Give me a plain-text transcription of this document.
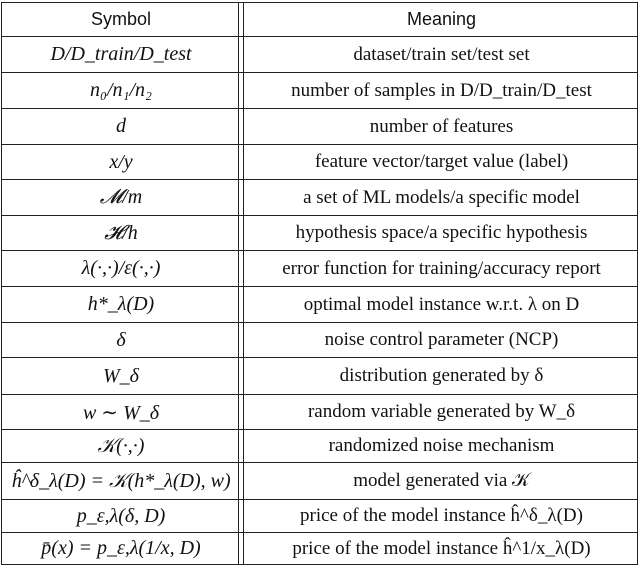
Symbol	Meaning
D/D_train/D_test	dataset/train set/test set
n₀/n₁/n₂	number of samples in D/D_train/D_test
d	number of features
x/y	feature vector/target value (label)
𝓜/m	a set of ML models/a specific model
𝓗/h	hypothesis space/a specific hypothesis
λ(·,·)/ε(·,·)	error function for training/accuracy report
h*_λ(D)	optimal model instance w.r.t. λ on D
δ	noise control parameter (NCP)
W_δ	distribution generated by δ
w ∼ W_δ	random variable generated by W_δ
𝒦(·,·)	randomized noise mechanism
ĥ^δ_λ(D) = 𝒦(h*_λ(D), w)	model generated via 𝒦
p_ε,λ(δ, D)	price of the model instance ĥ^δ_λ(D)
p̄(x) = p_ε,λ(1/x, D)	price of the model instance ĥ^1/x_λ(D)
